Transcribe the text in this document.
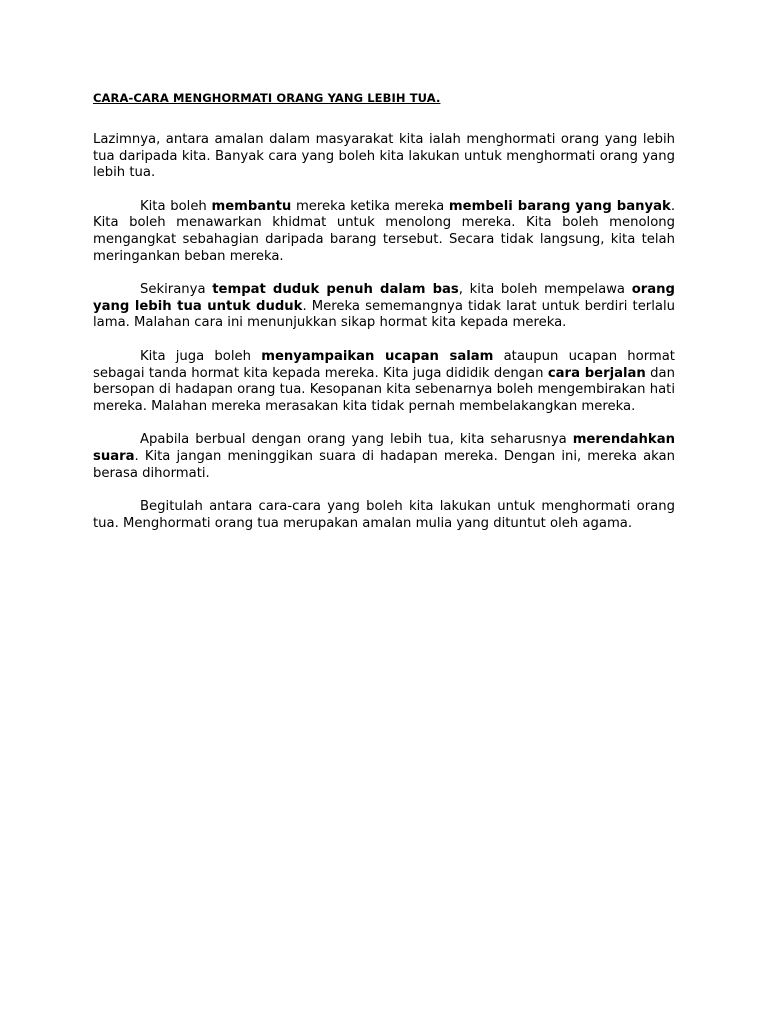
CARA-CARA MENGHORMATI ORANG YANG LEBIH TUA.

Lazimnya, antara amalan dalam masyarakat kita ialah menghormati orang yang lebih tua daripada kita. Banyak cara yang boleh kita lakukan untuk menghormati orang yang lebih tua.

Kita boleh membantu mereka ketika mereka membeli barang yang banyak. Kita boleh menawarkan khidmat untuk menolong mereka. Kita boleh menolong mengangkat sebahagian daripada barang tersebut. Secara tidak langsung, kita telah meringankan beban mereka.

Sekiranya tempat duduk penuh dalam bas, kita boleh mempelawa orang yang lebih tua untuk duduk. Mereka sememangnya tidak larat untuk berdiri terlalu lama. Malahan cara ini menunjukkan sikap hormat kita kepada mereka.

Kita juga boleh menyampaikan ucapan salam ataupun ucapan hormat sebagai tanda hormat kita kepada mereka. Kita juga dididik dengan cara berjalan dan bersopan di hadapan orang tua. Kesopanan kita sebenarnya boleh mengembirakan hati mereka. Malahan mereka merasakan kita tidak pernah membelakangkan mereka.

Apabila berbual dengan orang yang lebih tua, kita seharusnya merendahkan suara. Kita jangan meninggikan suara di hadapan mereka. Dengan ini, mereka akan berasa dihormati.

Begitulah antara cara-cara yang boleh kita lakukan untuk menghormati orang tua. Menghormati orang tua merupakan amalan mulia yang dituntut oleh agama.
